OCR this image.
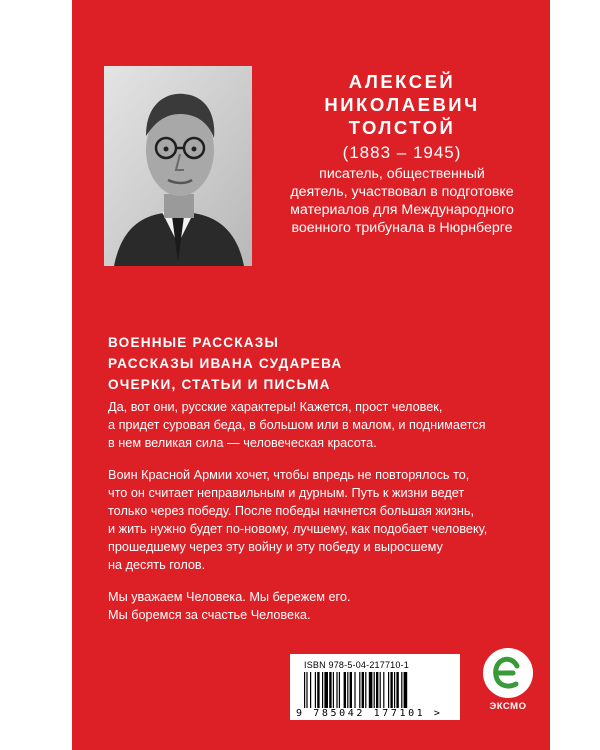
АЛЕКСЕЙ

НИКОЛАЕВИЧ

ТОЛСТОЙ

(1883 – 1945)

писатель, общественный

деятель, участвовал в подготовке

материалов для Международного

военного трибунала в Нюрнберге

ВОЕННЫЕ РАССКАЗЫ
РАССКАЗЫ ИВАНА СУДАРЕВА
ОЧЕРКИ, СТАТЬИ И ПИСЬМА

Да, вот они, русские характеры! Кажется, прост человек,
а придет суровая беда, в большом или в малом, и поднимается
в нем великая сила — человеческая красота.

Воин Красной Армии хочет, чтобы впредь не повторялось то,
что он считает неправильным и дурным. Путь к жизни ведет
только через победу. После победы начнется большая жизнь,
и жить нужно будет по-новому, лучшему, как подобает человеку,
прошедшему через эту войну и эту победу и выросшему
на десять голов.

Мы уважаем Человека. Мы бережем его.
Мы боремся за счастье Человека.

ISBN 978-5-04-217710-1
9 785042 177101 >
ЭКСМО
